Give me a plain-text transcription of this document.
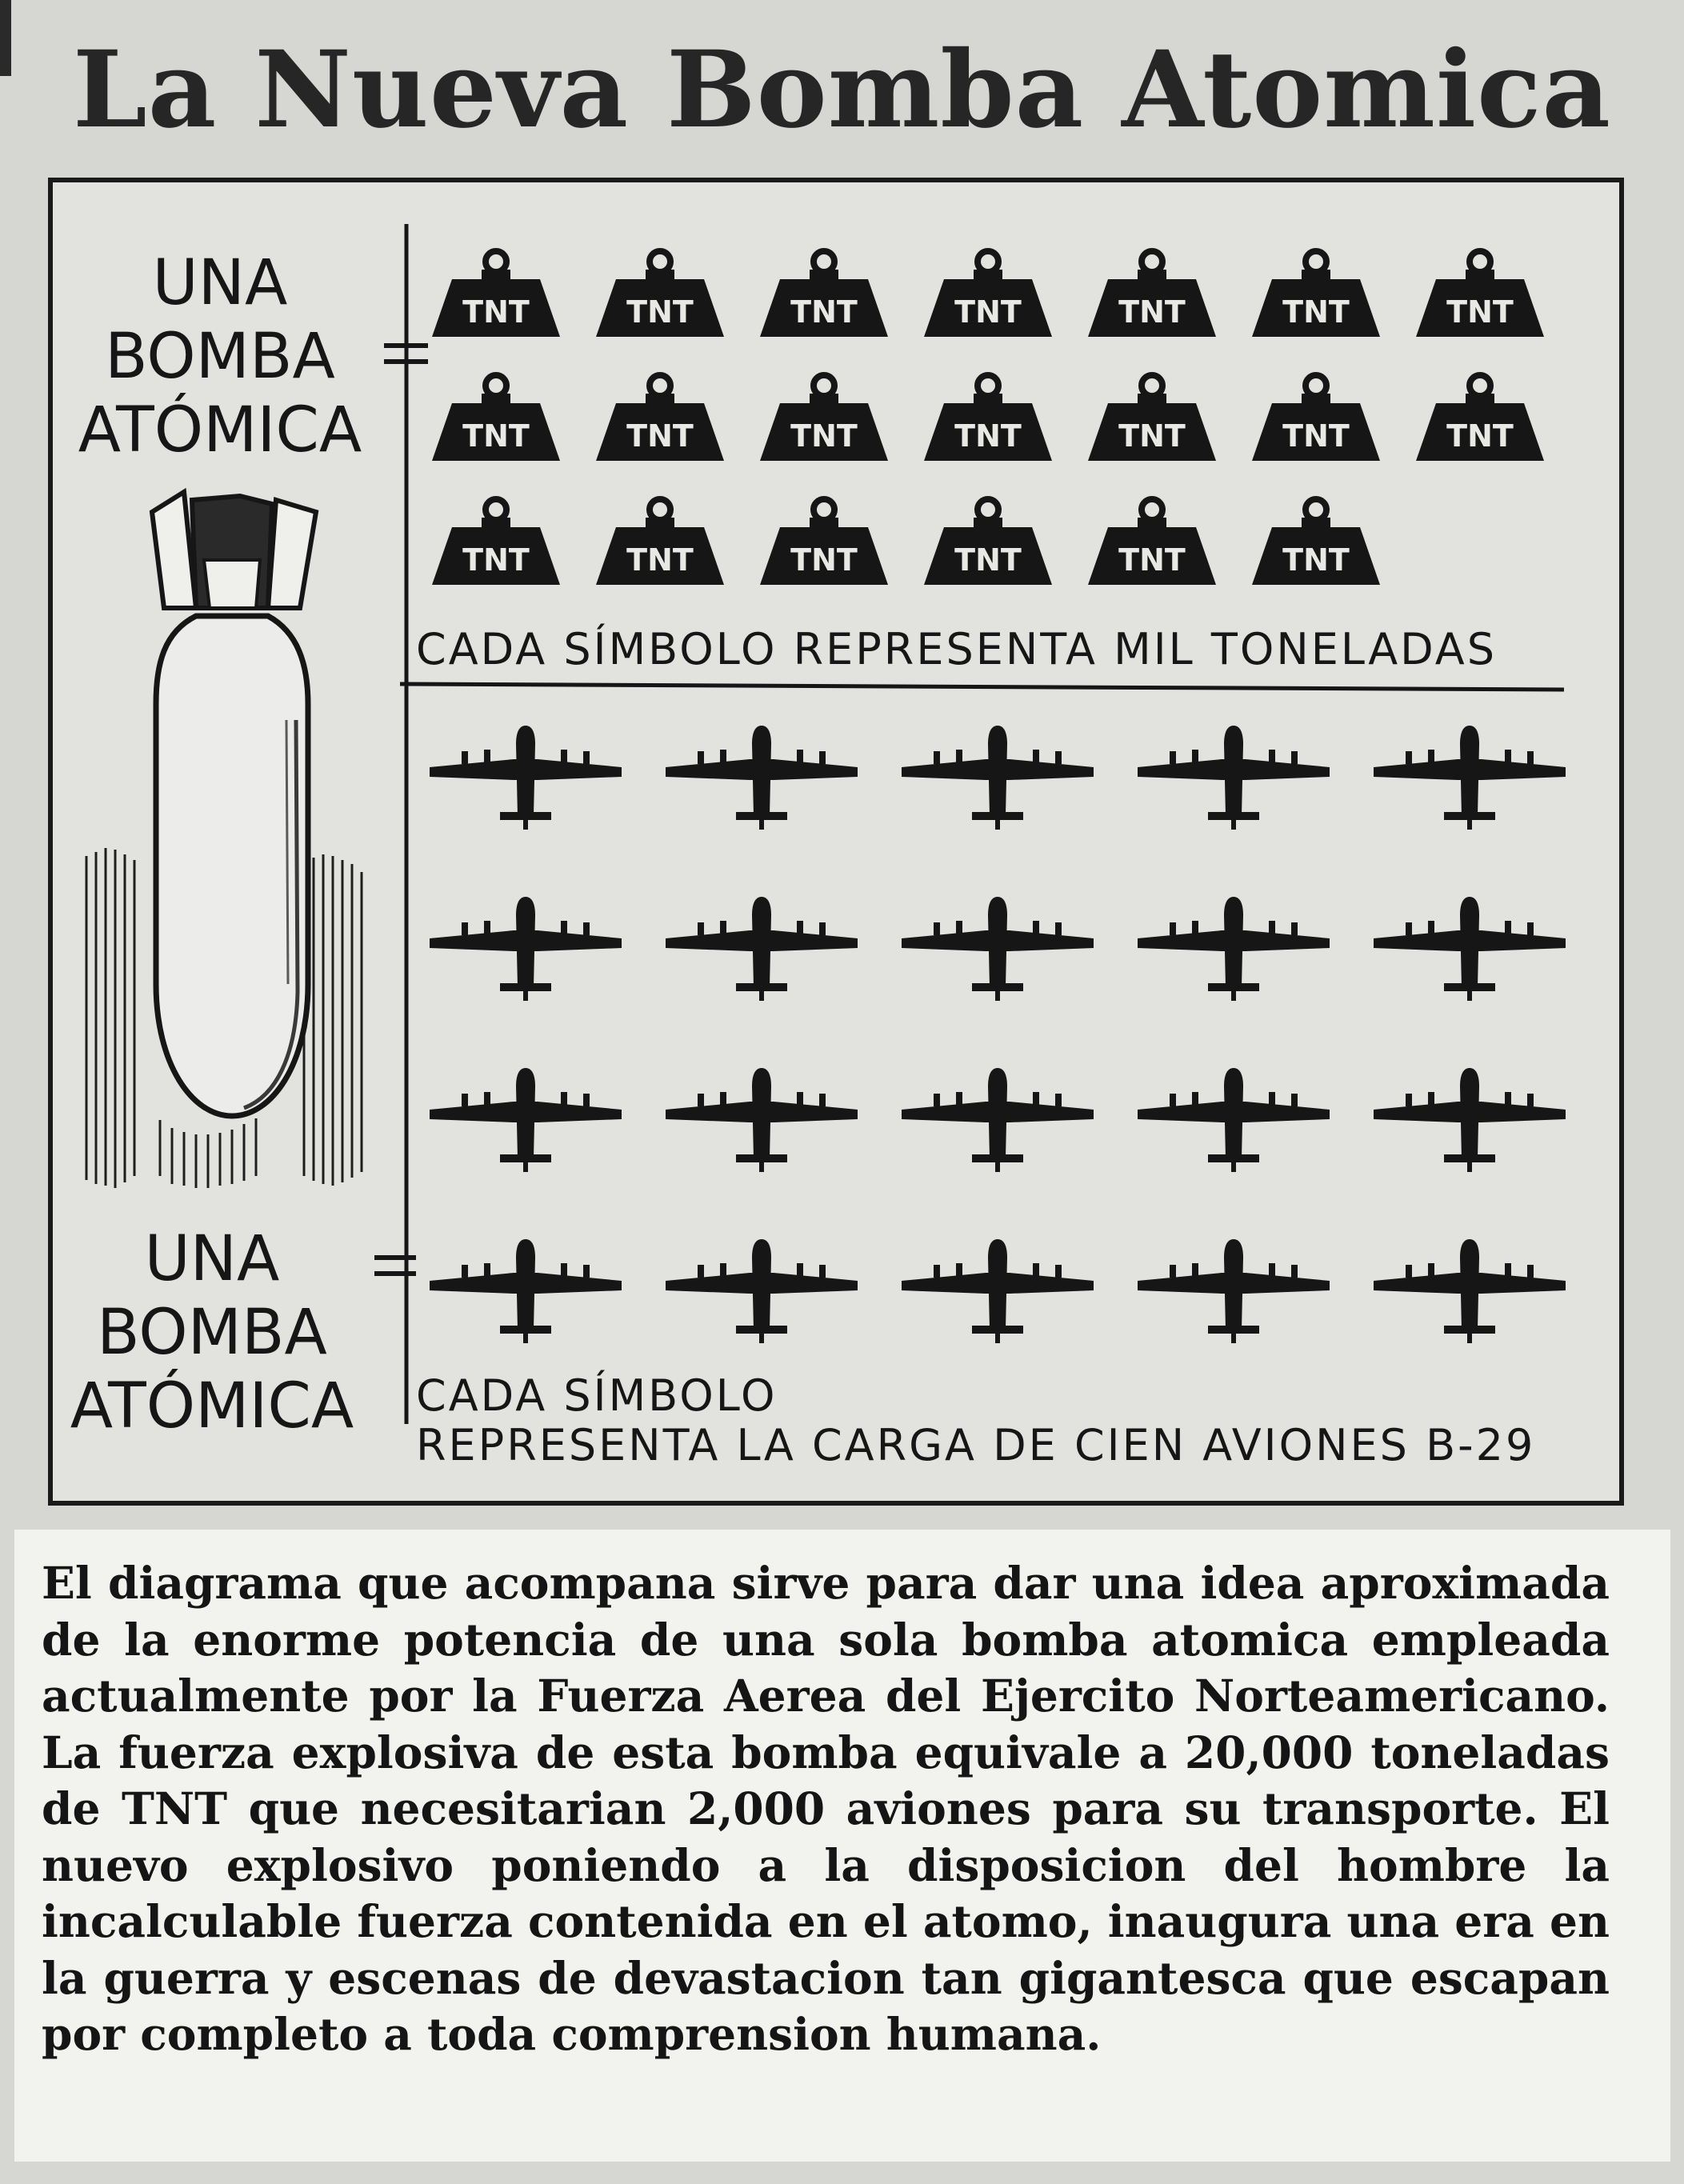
La Nueva Bomba Atomica
TNT	TNT	TNT	TNT	TNT	TNT	TNT
TNT	TNT	TNT	TNT	TNT	TNT	TNT
TNT	TNT	TNT	TNT	TNT	TNT
UNA
BOMBA
ATÓMICA
UNA
BOMBA
ATÓMICA
CADA SÍMBOLO REPRESENTA MIL TONELADAS
CADA SÍMBOLO
REPRESENTA LA CARGA DE CIEN AVIONES B-29

El diagrama que acompana sirve para dar una idea aproximada de la enorme potencia de una sola bomba atomica empleada actualmente por la Fuerza Aerea del Ejercito Norteamericano. La fuerza explosiva de esta bomba equivale a 20,000 toneladas de TNT que necesitarian 2,000 aviones para su transporte. El nuevo explosivo poniendo a la disposicion del hombre la incalculable fuerza contenida en el atomo, inaugura una era en la guerra y escenas de devastacion tan gigantesca que escapan por completo a toda comprension humana.
